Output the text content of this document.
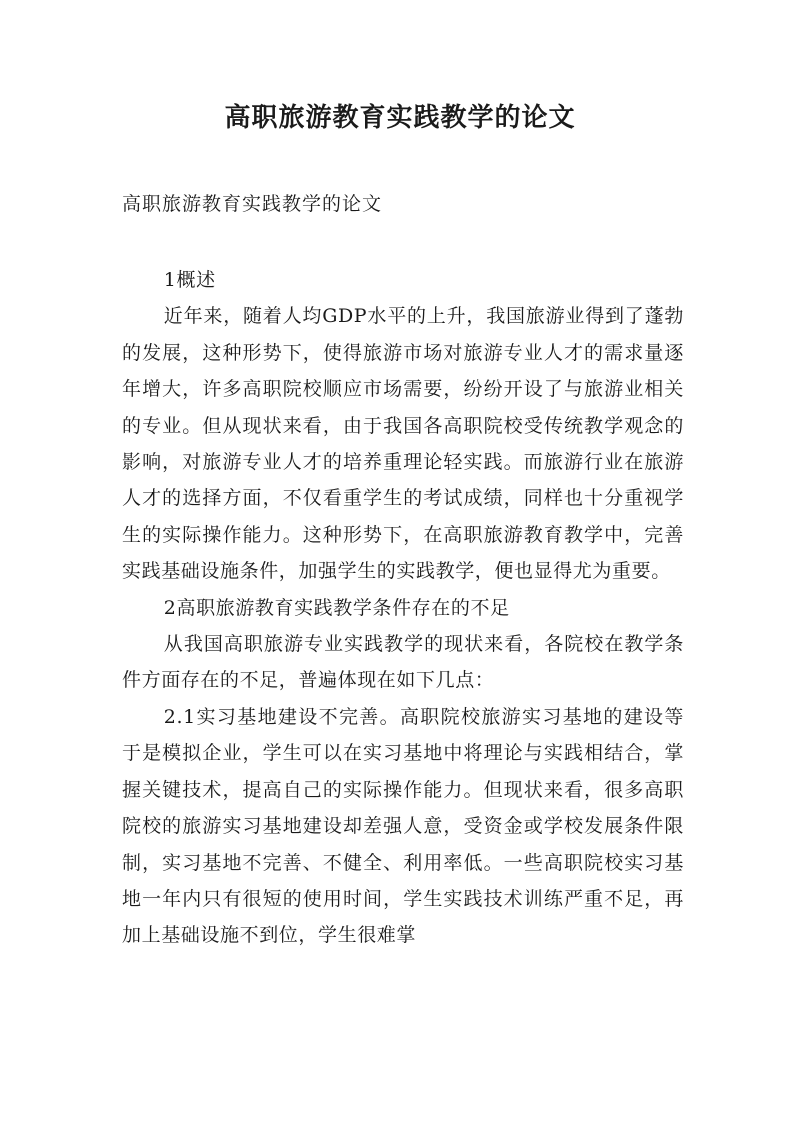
高职旅游教育实践教学的论文

高职旅游教育实践教学的论文

1概述

近年来，随着人均GDP水平的上升，我国旅游业得到了蓬勃的发展，这种形势下，使得旅游市场对旅游专业人才的需求量逐年增大，许多高职院校顺应市场需要，纷纷开设了与旅游业相关的专业。但从现状来看，由于我国各高职院校受传统教学观念的影响，对旅游专业人才的培养重理论轻实践。而旅游行业在旅游人才的选择方面，不仅看重学生的考试成绩，同样也十分重视学生的实际操作能力。这种形势下，在高职旅游教育教学中，完善实践基础设施条件，加强学生的实践教学，便也显得尤为重要。

2高职旅游教育实践教学条件存在的不足

从我国高职旅游专业实践教学的现状来看，各院校在教学条件方面存在的不足，普遍体现在如下几点：

2.1实习基地建设不完善。高职院校旅游实习基地的建设等于是模拟企业，学生可以在实习基地中将理论与实践相结合，掌握关键技术，提高自己的实际操作能力。但现状来看，很多高职院校的旅游实习基地建设却差强人意，受资金或学校发展条件限制，实习基地不完善、不健全、利用率低。一些高职院校实习基地一年内只有很短的使用时间，学生实践技术训练严重不足，再加上基础设施不到位，学生很难掌
